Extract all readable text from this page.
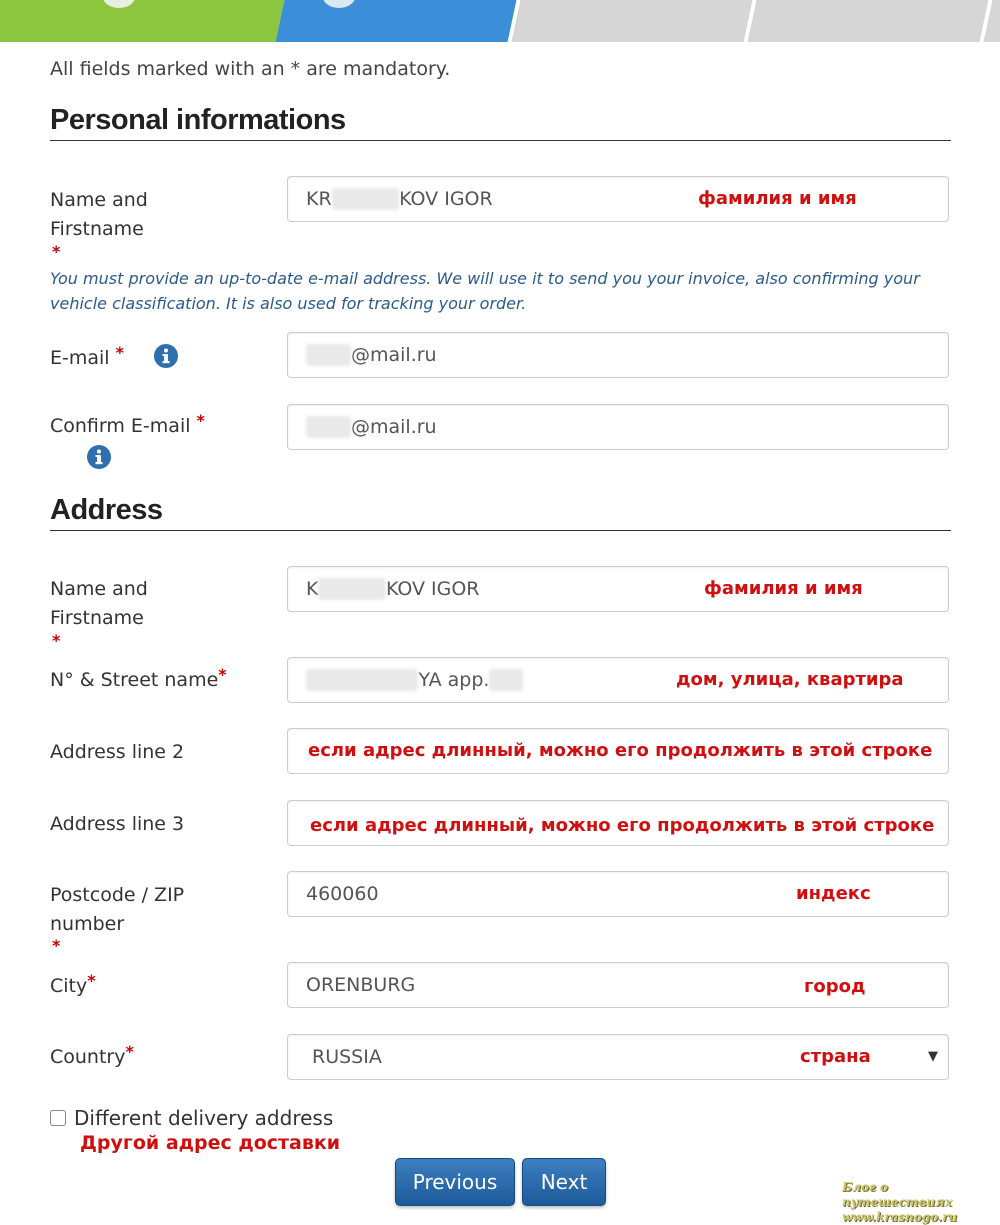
All fields marked with an * are mandatory.
Personal informations
Name and
Firstname
*
KR	KOV IGOR	фамилия и имя
You must provide an up-to-date e-mail address. We will use it to send you your invoice, also confirming your vehicle classification. It is also used for tracking your order.
E-mail *	@mail.ru
Confirm E-mail *	@mail.ru
Address
Name and
Firstname
*
K	KOV IGOR	фамилия и имя
N° & Street name*	YA app.	дом, улица, квартира
Address line 2	если адрес длинный, можно его продолжить в этой строке
Address line 3	если адрес длинный, можно его продолжить в этой строке
Postcode / ZIP
number
*
460060	индекс
City*	ORENBURG	город
Country*	RUSSIA	страна	▼
Different delivery address
Другой адрес доставки
Previous	Next	Блог о путешествиях
www.krasnogo.ru
